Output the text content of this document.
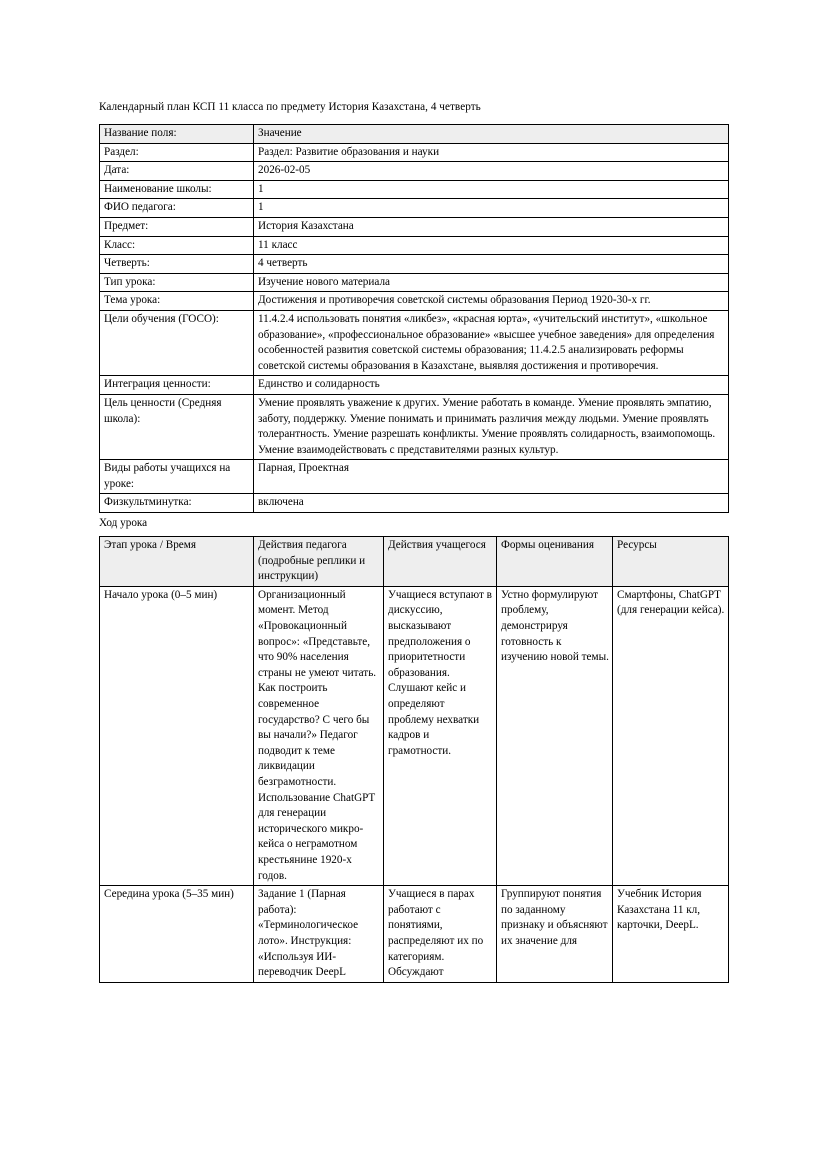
Календарный план КСП 11 класса по предмету История Казахстана, 4 четверть
Название поля:	Значение
Раздел:	Раздел: Развитие образования и науки
Дата:	2026-02-05
Наименование школы:	1
ФИО педагога:	1
Предмет:	История Казахстана
Класс:	11 класс
Четверть:	4 четверть
Тип урока:	Изучение нового материала
Тема урока:	Достижения и противоречия советской системы образования Период 1920-30-х гг.
Цели обучения (ГОСО):	11.4.2.4 использовать понятия «ликбез», «красная юрта», «учительский институт», «школьное образование», «профессиональное образование» «высшее учебное заведения» для определения особенностей развития советской системы образования; 11.4.2.5 анализировать реформы советской системы образования в Казахстане, выявляя достижения и противоречия.
Интеграция ценности:	Единство и солидарность
Цель ценности (Средняя школа):	Умение проявлять уважение к других. Умение работать в команде. Умение проявлять эмпатию, заботу, поддержку. Умение понимать и принимать различия между людьми. Умение проявлять толерантность. Умение разрешать конфликты. Умение проявлять солидарность, взаимопомощь. Умение взаимодействовать с представителями разных культур.
Виды работы учащихся на уроке:	Парная, Проектная
Физкультминутка:	включена
Ход урока
Этап урока / Время	Действия педагога (подробные реплики и инструкции)	Действия учащегося	Формы оценивания	Ресурсы
Начало урока (0–5 мин)	Организационный момент. Метод «Провокационный вопрос»: «Представьте, что 90% населения страны не умеют читать. Как построить современное государство? С чего бы вы начали?» Педагог подводит к теме ликвидации безграмотности. Использование ChatGPT для генерации исторического микро-кейса о неграмотном крестьянине 1920-х годов.	Учащиеся вступают в дискуссию, высказывают предположения о приоритетности образования. Слушают кейс и определяют проблему нехватки кадров и грамотности.	Устно формулируют проблему, демонстрируя готовность к изучению новой темы.	Смартфоны, ChatGPT (для генерации кейса).
Середина урока (5–35 мин)	Задание 1 (Парная работа): «Терминологическое лото». Инструкция: «Используя ИИ-переводчик DeepL	Учащиеся в парах работают с понятиями, распределяют их по категориям. Обсуждают	Группируют понятия по заданному признаку и объясняют их значение для	Учебник История Казахстана 11 кл, карточки, DeepL.
